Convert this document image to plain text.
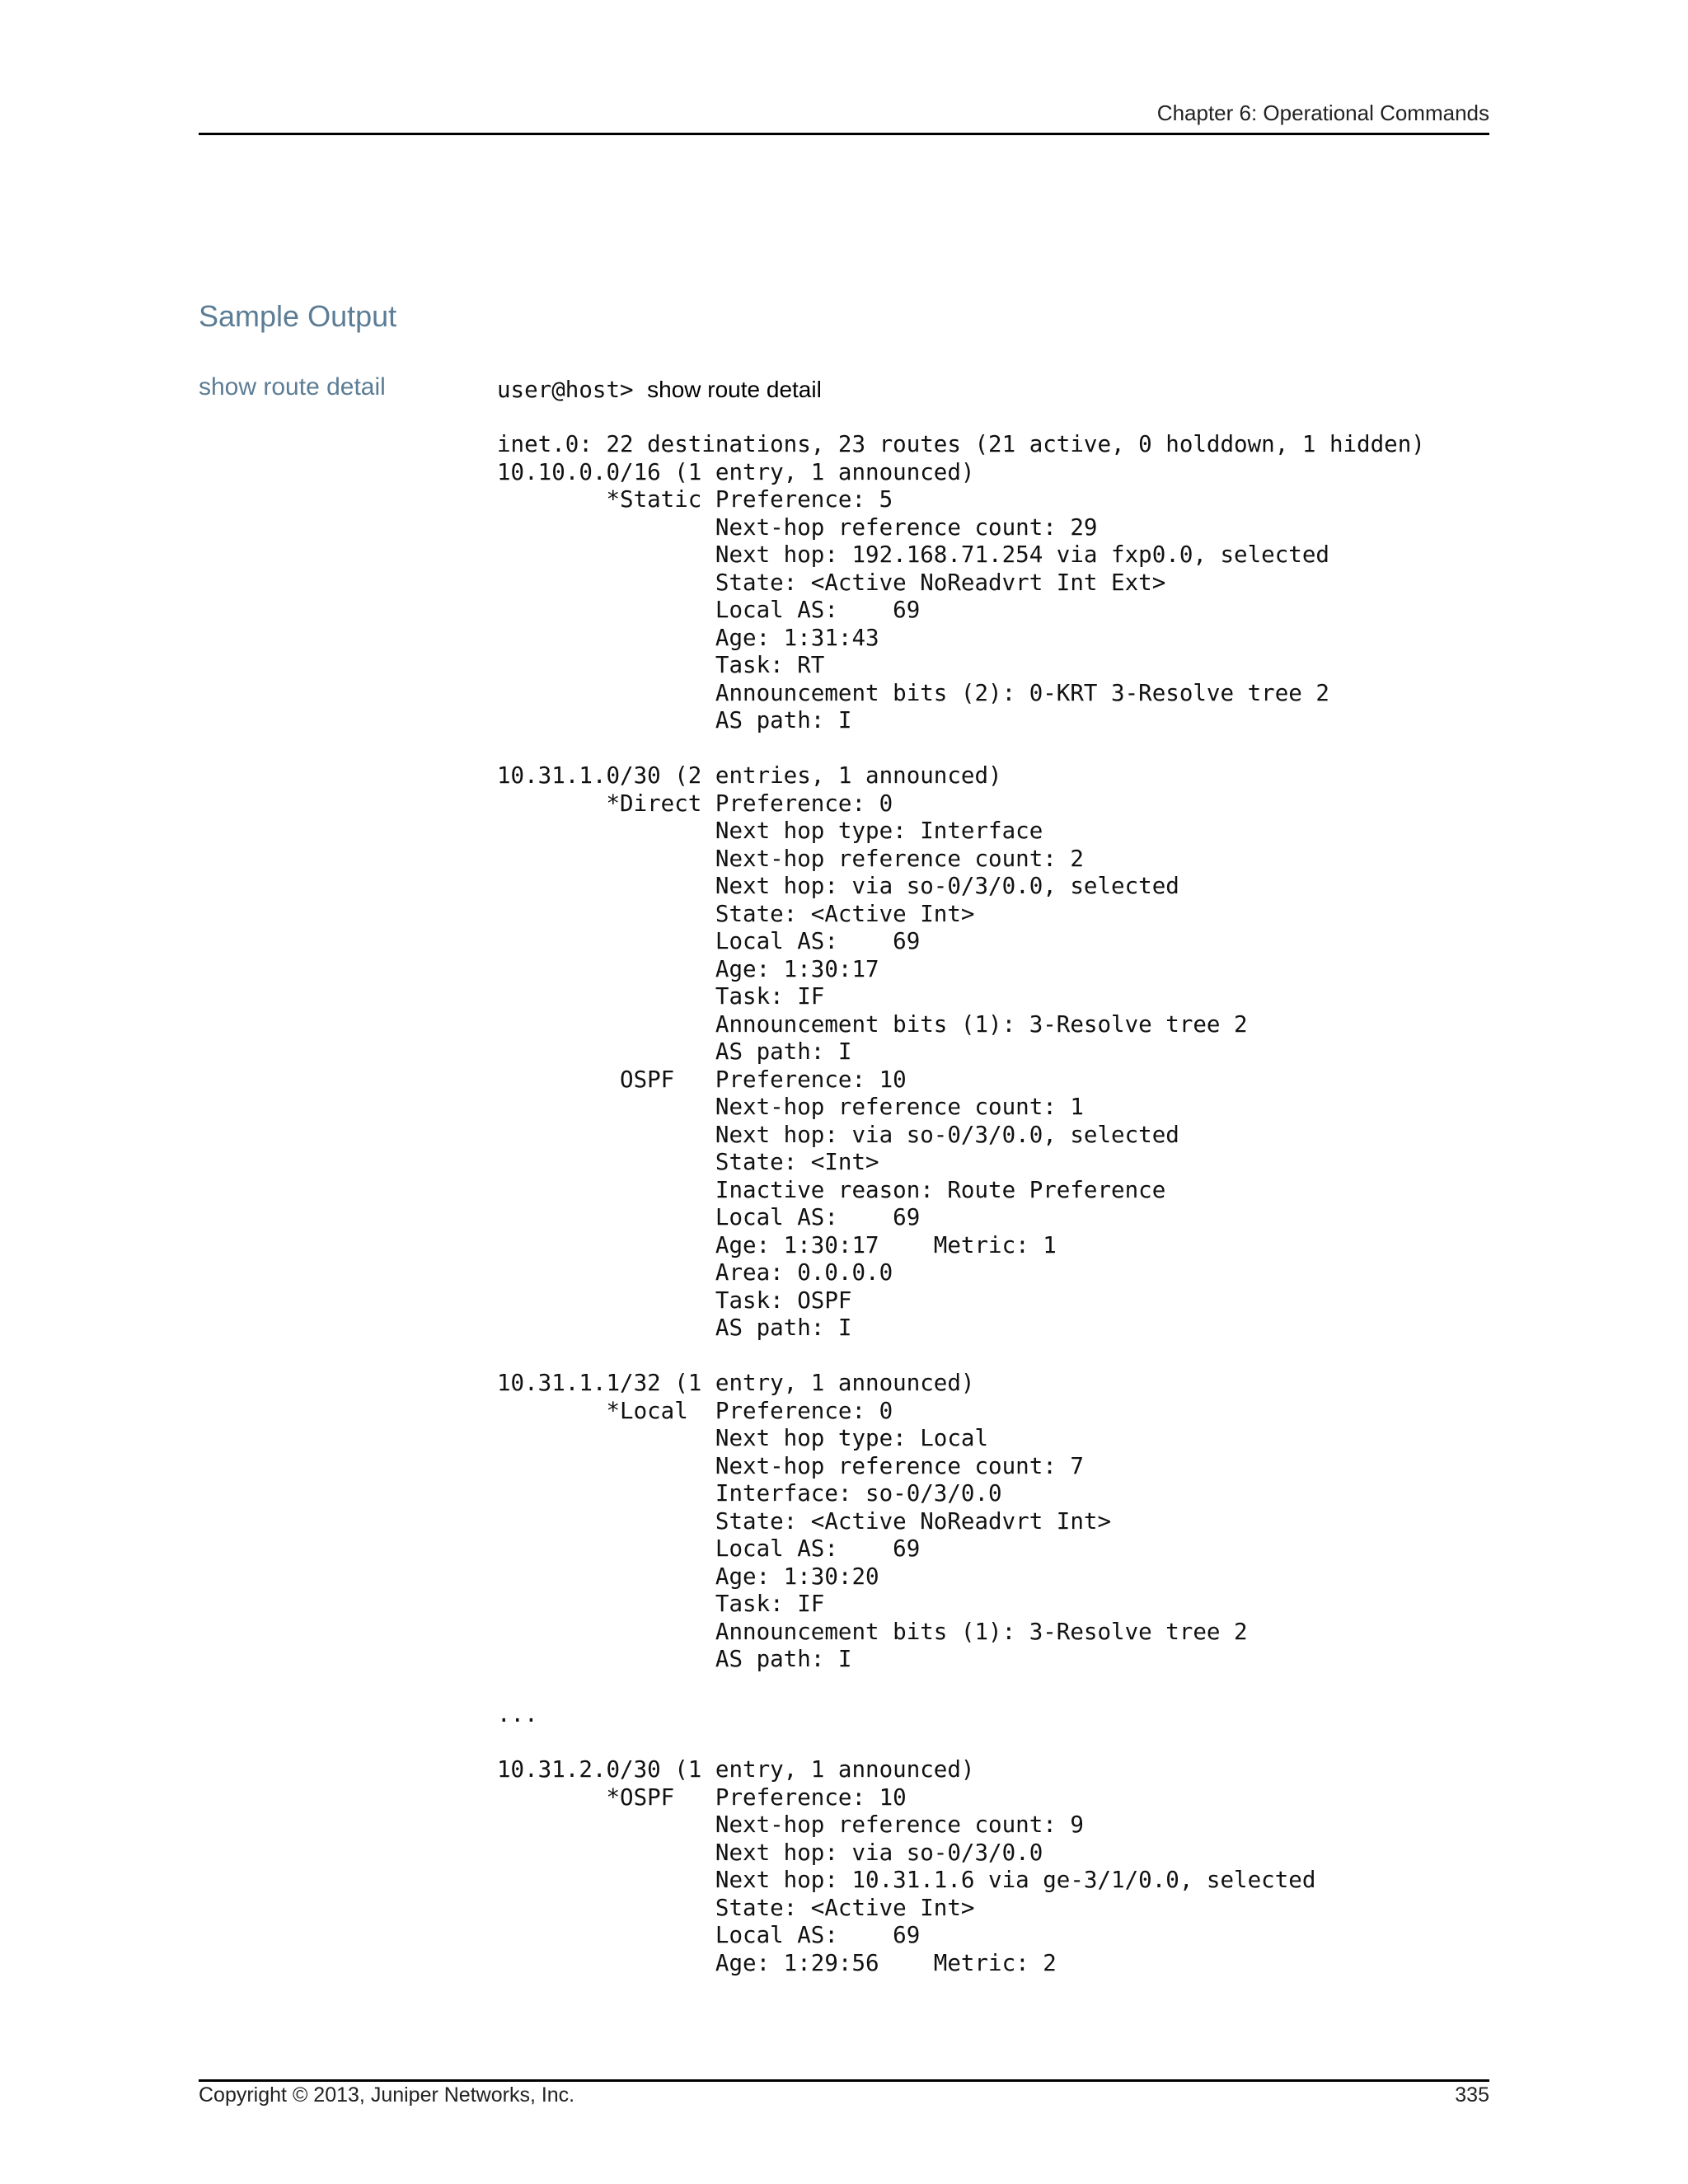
Chapter 6: Operational Commands
Sample Output
show route detail	user@host> show route detail
inet.0: 22 destinations, 23 routes (21 active, 0 holddown, 1 hidden)
10.10.0.0/16 (1 entry, 1 announced)
*Static Preference: 5
Next-hop reference count: 29
Next hop: 192.168.71.254 via fxp0.0, selected
State: <Active NoReadvrt Int Ext>
Local AS:    69
Age: 1:31:43
Task: RT
Announcement bits (2): 0-KRT 3-Resolve tree 2
AS path: I
10.31.1.0/30 (2 entries, 1 announced)
*Direct Preference: 0
Next hop type: Interface
Next-hop reference count: 2
Next hop: via so-0/3/0.0, selected
State: <Active Int>
Local AS:    69
Age: 1:30:17
Task: IF
Announcement bits (1): 3-Resolve tree 2
AS path: I
OSPF   Preference: 10
Next-hop reference count: 1
Next hop: via so-0/3/0.0, selected
State: <Int>
Inactive reason: Route Preference
Local AS:    69
Age: 1:30:17    Metric: 1
Area: 0.0.0.0
Task: OSPF
AS path: I
10.31.1.1/32 (1 entry, 1 announced)
*Local  Preference: 0
Next hop type: Local
Next-hop reference count: 7
Interface: so-0/3/0.0
State: <Active NoReadvrt Int>
Local AS:    69
Age: 1:30:20
Task: IF
Announcement bits (1): 3-Resolve tree 2
AS path: I
...
10.31.2.0/30 (1 entry, 1 announced)
*OSPF   Preference: 10
Next-hop reference count: 9
Next hop: via so-0/3/0.0
Next hop: 10.31.1.6 via ge-3/1/0.0, selected
State: <Active Int>
Local AS:    69
Age: 1:29:56    Metric: 2
Copyright © 2013, Juniper Networks, Inc.	335
